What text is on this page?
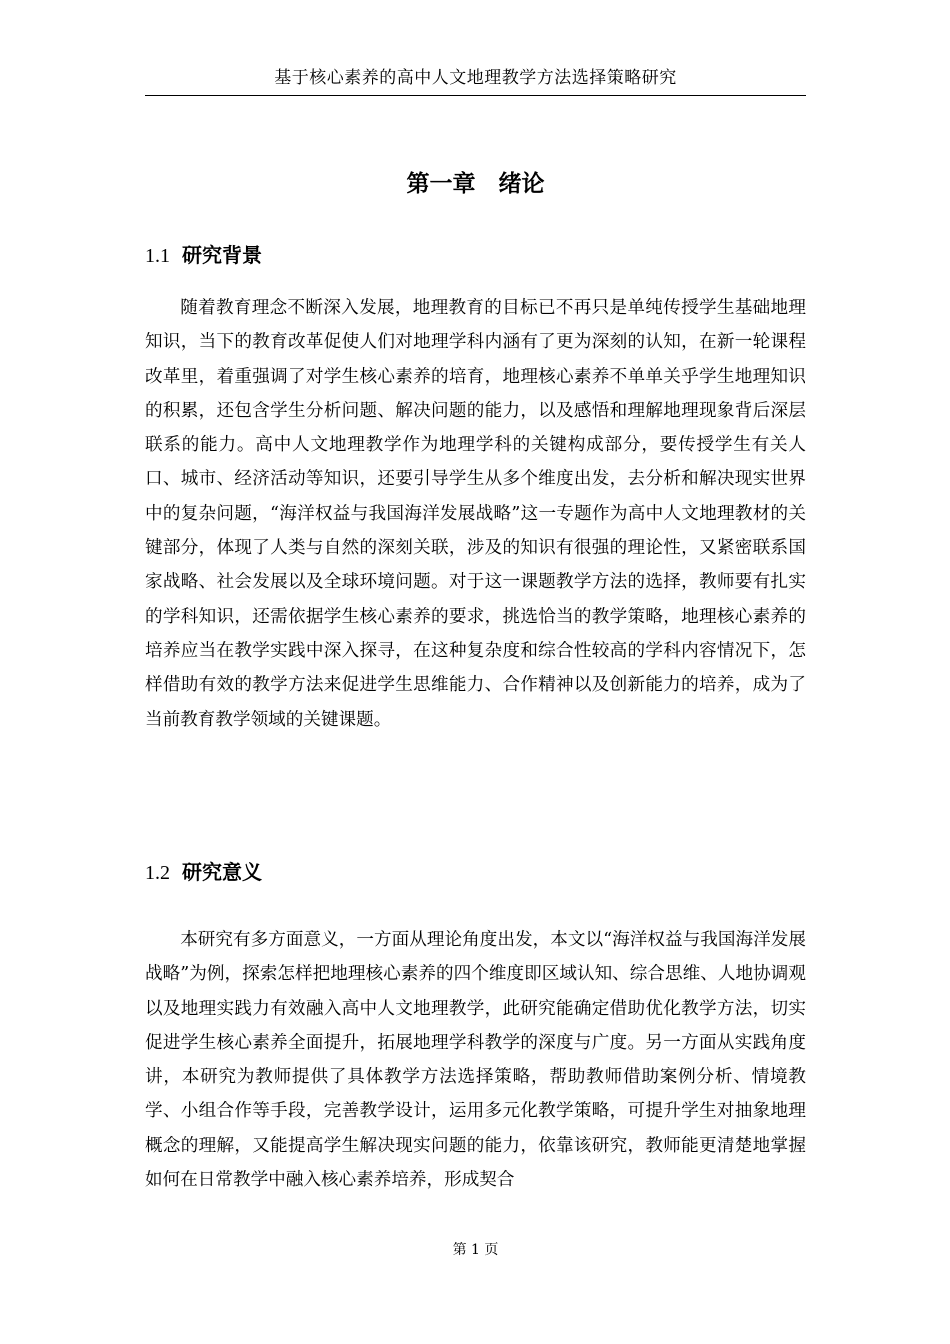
基于核心素养的高中人文地理教学方法选择策略研究
第一章　绪论
1.1 研究背景

随着教育理念不断深入发展，地理教育的目标已不再只是单纯传授学生基础地理知识，当下的教育改革促使人们对地理学科内涵有了更为深刻的认知，在新一轮课程改革里，着重强调了对学生核心素养的培育，地理核心素养不单单关乎学生地理知识的积累，还包含学生分析问题、解决问题的能力，以及感悟和理解地理现象背后深层联系的能力。高中人文地理教学作为地理学科的关键构成部分，要传授学生有关人口、城市、经济活动等知识，还要引导学生从多个维度出发，去分析和解决现实世界中的复杂问题，“海洋权益与我国海洋发展战略”这一专题作为高中人文地理教材的关键部分，体现了人类与自然的深刻关联，涉及的知识有很强的理论性，又紧密联系国家战略、社会发展以及全球环境问题。对于这一课题教学方法的选择，教师要有扎实的学科知识，还需依据学生核心素养的要求，挑选恰当的教学策略，地理核心素养的培养应当在教学实践中深入探寻，在这种复杂度和综合性较高的学科内容情况下，怎样借助有效的教学方法来促进学生思维能力、合作精神以及创新能力的培养，成为了当前教育教学领域的关键课题。

1.2 研究意义

本研究有多方面意义，一方面从理论角度出发，本文以“海洋权益与我国海洋发展战略”为例，探索怎样把地理核心素养的四个维度即区域认知、综合思维、人地协调观以及地理实践力有效融入高中人文地理教学，此研究能确定借助优化教学方法，切实促进学生核心素养全面提升，拓展地理学科教学的深度与广度。另一方面从实践角度讲，本研究为教师提供了具体教学方法选择策略，帮助教师借助案例分析、情境教学、小组合作等手段，完善教学设计，运用多元化教学策略，可提升学生对抽象地理概念的理解，又能提高学生解决现实问题的能力，依靠该研究，教师能更清楚地掌握如何在日常教学中融入核心素养培养，形成契合

第 1 页
